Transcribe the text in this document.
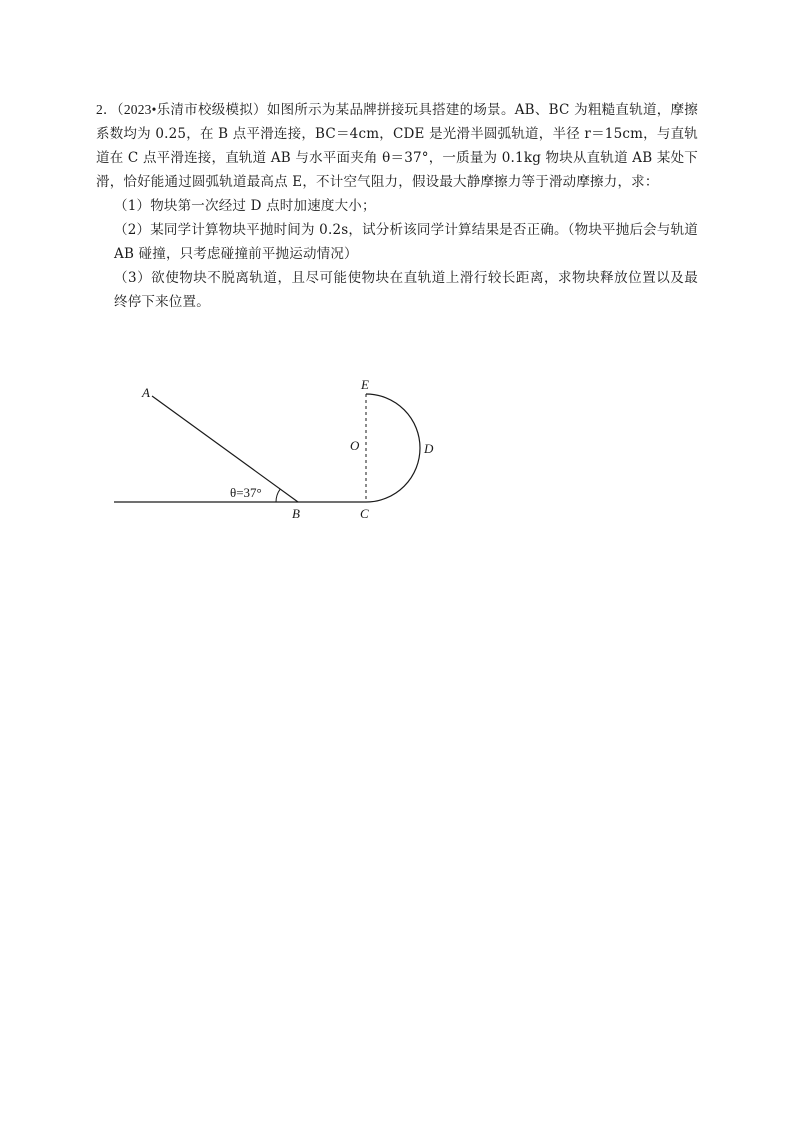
2．（2023•乐清市校级模拟）如图所示为某品牌拼接玩具搭建的场景。AB、BC 为粗糙直轨道，摩擦系数均为 0.25，在 B 点平滑连接，BC＝4cm，CDE 是光滑半圆弧轨道，半径 r＝15cm，与直轨道在 C 点平滑连接，直轨道 AB 与水平面夹角 θ＝37°，一质量为 0.1kg 物块从直轨道 AB 某处下滑，恰好能通过圆弧轨道最高点 E，不计空气阻力，假设最大静摩擦力等于滑动摩擦力，求：

（1）物块第一次经过 D 点时加速度大小；

（2）某同学计算物块平抛时间为 0.2s，试分析该同学计算结果是否正确。（物块平抛后会与轨道 AB 碰撞，只考虑碰撞前平抛运动情况）

（3）欲使物块不脱离轨道，且尽可能使物块在直轨道上滑行较长距离，求物块释放位置以及最终停下来位置。

A
B	C
D
E
O
θ=37°
